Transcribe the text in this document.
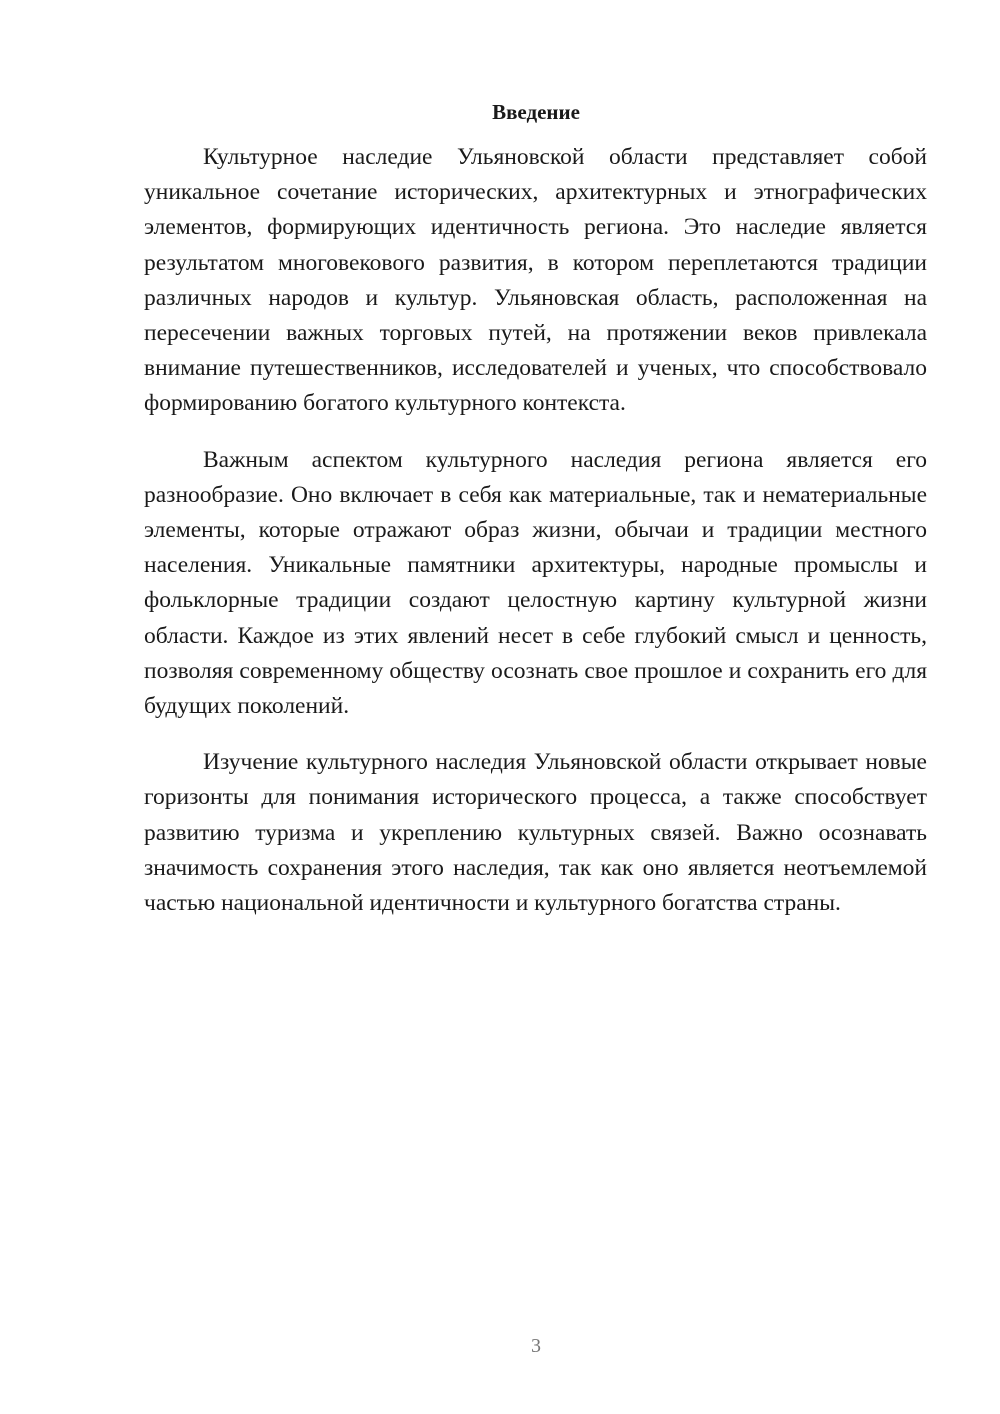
Введение

Культурное наследие Ульяновской области представляет собой уникальное сочетание исторических, архитектурных и этнографических элементов, формирующих идентичность региона. Это наследие является результатом многовекового развития, в котором переплетаются традиции различных народов и культур. Ульяновская область, расположенная на пересечении важных торговых путей, на протяжении веков привлекала внимание путешественников, исследователей и ученых, что способствовало формированию богатого культурного контекста.

Важным аспектом культурного наследия региона является его разнообразие. Оно включает в себя как материальные, так и нематериальные элементы, которые отражают образ жизни, обычаи и традиции местного населения. Уникальные памятники архитектуры, народные промыслы и фольклорные традиции создают целостную картину культурной жизни области. Каждое из этих явлений несет в себе глубокий смысл и ценность, позволяя современному обществу осознать свое прошлое и сохранить его для будущих поколений.

Изучение культурного наследия Ульяновской области открывает новые горизонты для понимания исторического процесса, а также способствует развитию туризма и укреплению культурных связей. Важно осознавать значимость сохранения этого наследия, так как оно является неотъемлемой частью национальной идентичности и культурного богатства страны.

3
